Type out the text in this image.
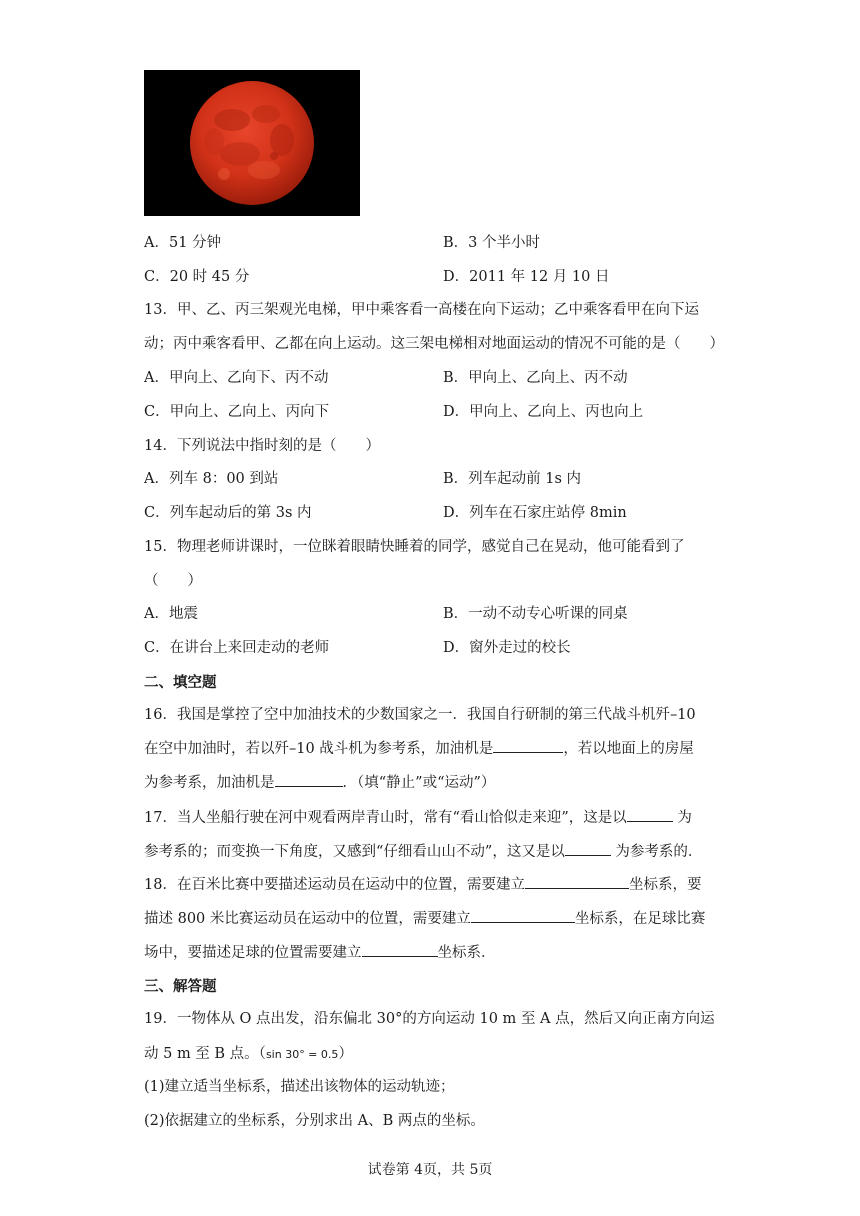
A．51 分钟	B．3 个半小时
C．20 时 45 分	D．2011 年 12 月 10 日
13．甲、乙、丙三架观光电梯，甲中乘客看一高楼在向下运动；乙中乘客看甲在向下运
动；丙中乘客看甲、乙都在向上运动。这三架电梯相对地面运动的情况不可能的是（　　）
A．甲向上、乙向下、丙不动	B．甲向上、乙向上、丙不动
C．甲向上、乙向上、丙向下	D．甲向上、乙向上、丙也向上
14．下列说法中指时刻的是（　　）
A．列车 8：00 到站	B．列车起动前 1s 内
C．列车起动后的第 3s 内	D．列车在石家庄站停 8min
15．物理老师讲课时，一位眯着眼睛快睡着的同学，感觉自己在晃动，他可能看到了
（　　）
A．地震	B．一动不动专心听课的同桌
C．在讲台上来回走动的老师	D．窗外走过的校长
二、填空题
16．我国是掌控了空中加油技术的少数国家之一．我国自行研制的第三代战斗机歼–10
在空中加油时，若以歼–10 战斗机为参考系，加油机是	，若以地面上的房屋
为参考系，加油机是	．（填“静止”或“运动”）
17．当人坐船行驶在河中观看两岸青山时，常有“看山恰似走来迎”，这是以	为
参考系的；而变换一下角度，又感到“仔细看山山不动”，这又是以	为参考系的．
18．在百米比赛中要描述运动员在运动中的位置，需要建立	坐标系，要
描述 800 米比赛运动员在运动中的位置，需要建立	坐标系，在足球比赛
场中，要描述足球的位置需要建立	坐标系．
三、解答题
19．一物体从 O 点出发，沿东偏北 30°的方向运动 10 m 至 A 点，然后又向正南方向运
动 5 m 至 B 点。（sin 30° = 0.5）
(1)建立适当坐标系，描述出该物体的运动轨迹；
(2)依据建立的坐标系，分别求出 A、B 两点的坐标。
试卷第 4页，共 5页
